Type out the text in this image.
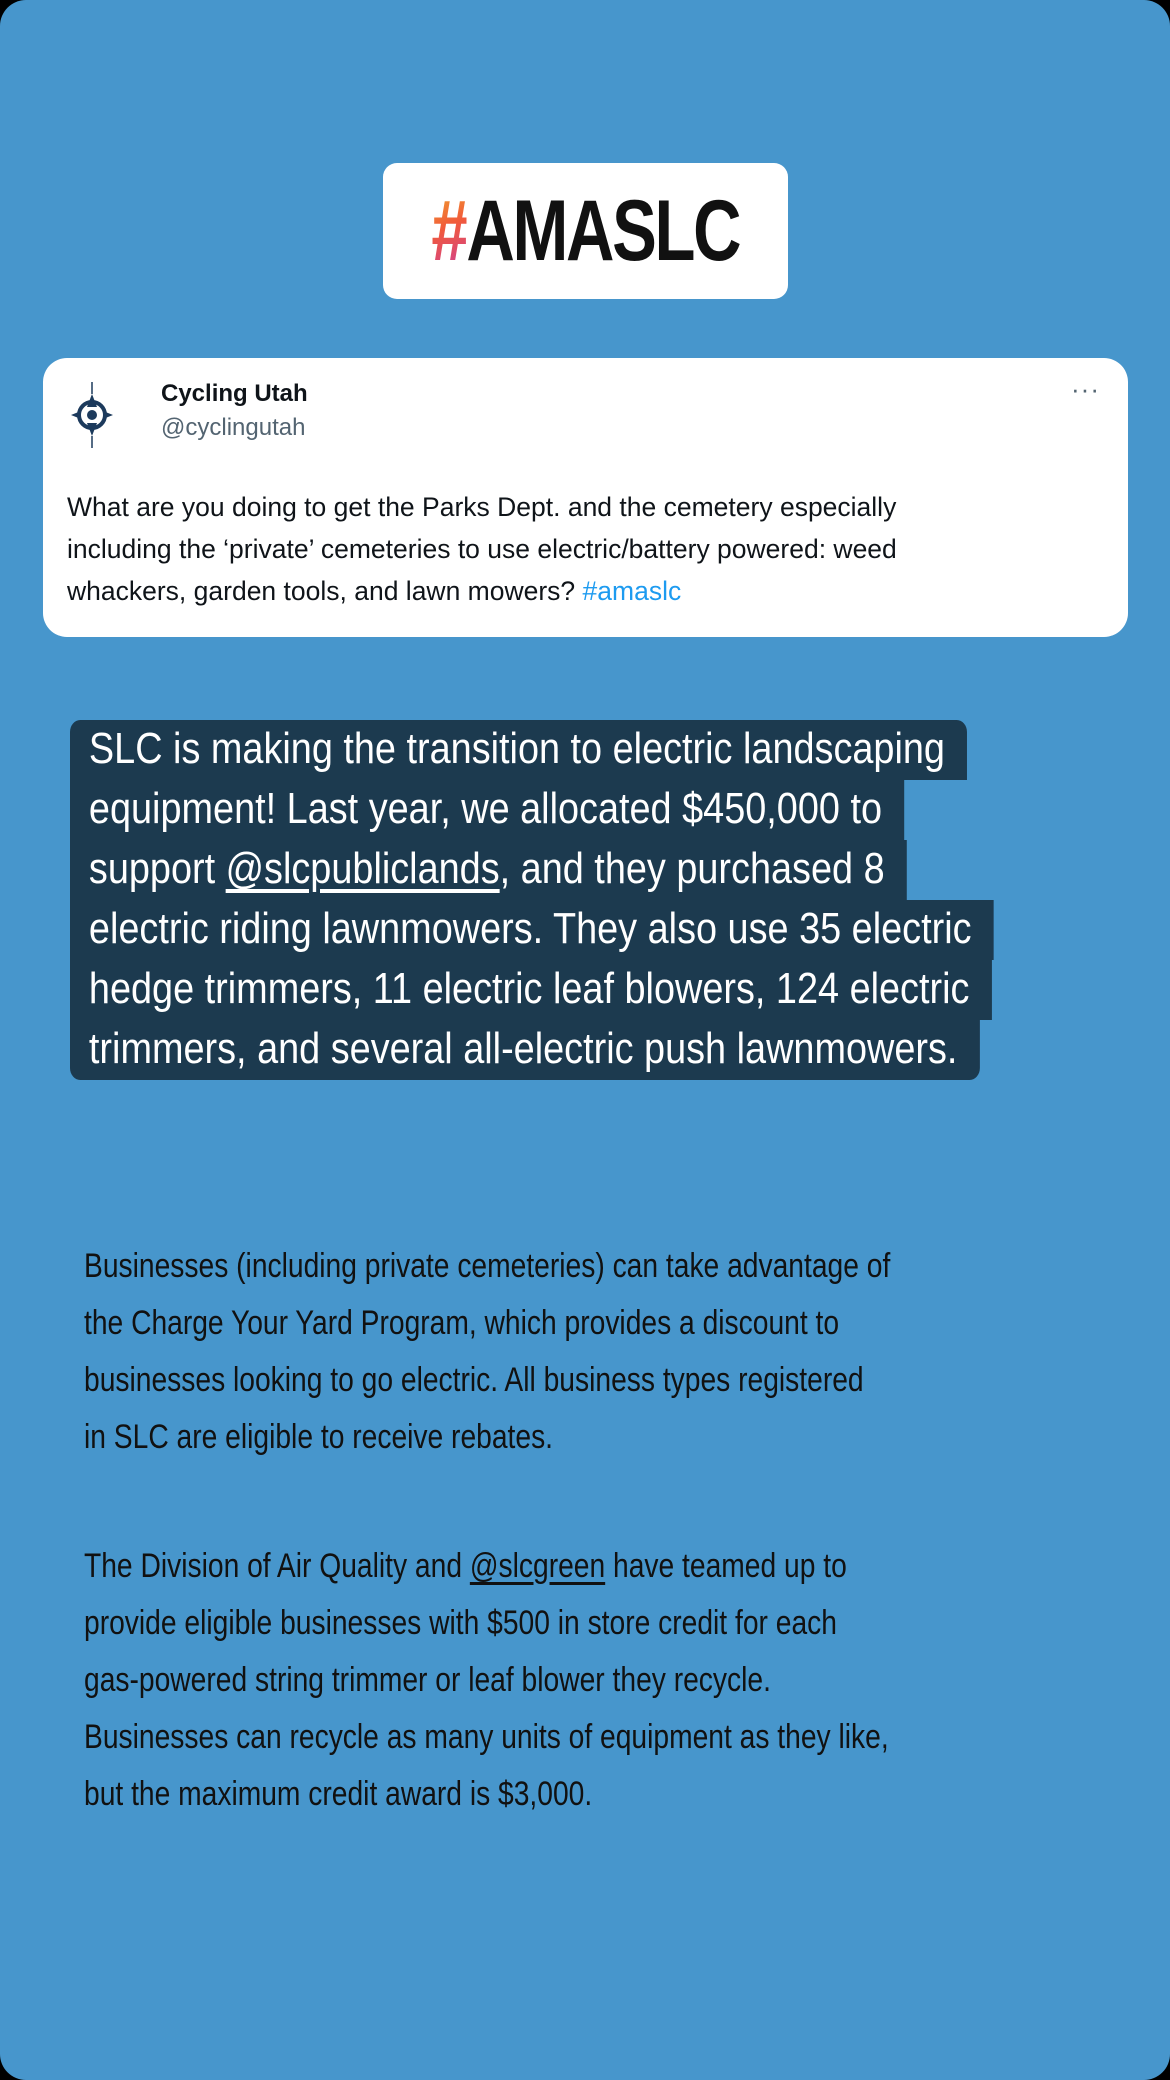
#AMASLC
Cycling Utah
@cyclingutah
···
What are you doing to get the Parks Dept. and the cemetery especially
including the ‘private’ cemeteries to use electric/battery powered: weed
whackers, garden tools, and lawn mowers? #amaslc
SLC is making the transition to electric landscaping
equipment! Last year, we allocated $450,000 to
support @slcpubliclands, and they purchased 8
electric riding lawnmowers. They also use 35 electric
hedge trimmers, 11 electric leaf blowers, 124 electric
trimmers, and several all-electric push lawnmowers.
Businesses (including private cemeteries) can take advantage of
the Charge Your Yard Program, which provides a discount to
businesses looking to go electric. All business types registered
in SLC are eligible to receive rebates.
The Division of Air Quality and @slcgreen have teamed up to
provide eligible businesses with $500 in store credit for each
gas-powered string trimmer or leaf blower they recycle.
Businesses can recycle as many units of equipment as they like,
but the maximum credit award is $3,000.
